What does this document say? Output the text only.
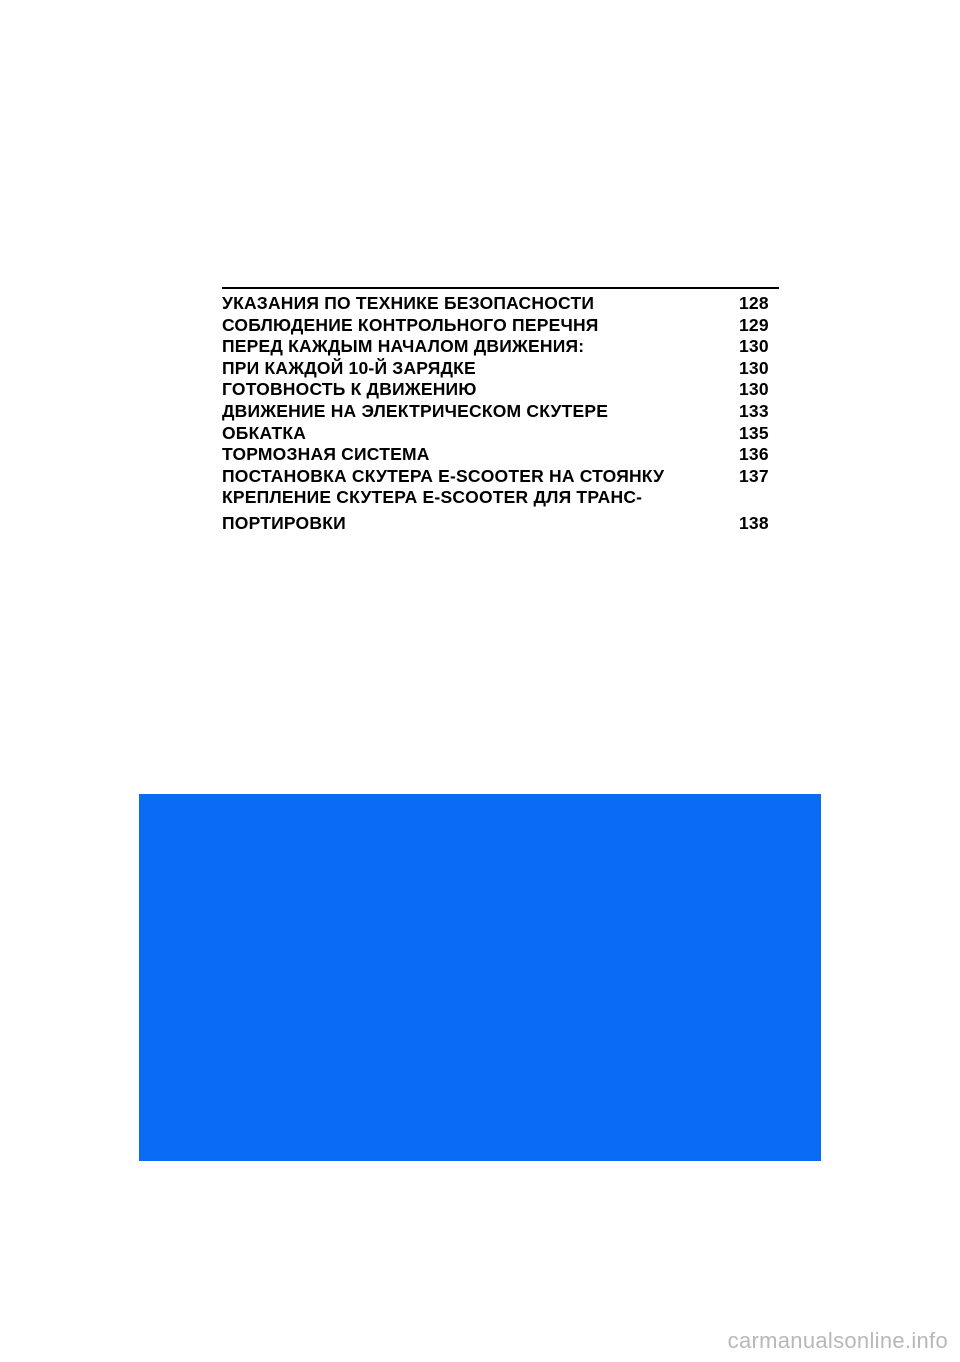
УКАЗАНИЯ ПО ТЕХНИКЕ БЕЗОПАСНОСТИ	128
СОБЛЮДЕНИЕ КОНТРОЛЬНОГО ПЕРЕЧНЯ	129
ПЕРЕД КАЖДЫМ НАЧАЛОМ ДВИЖЕНИЯ:	130
ПРИ КАЖДОЙ 10-Й ЗАРЯДКЕ	130
ГОТОВНОСТЬ К ДВИЖЕНИЮ	130
ДВИЖЕНИЕ НА ЭЛЕКТРИЧЕСКОМ СКУТЕРЕ	133
ОБКАТКА	135
ТОРМОЗНАЯ СИСТЕМА	136
ПОСТАНОВКА СКУТЕРА E-SCOOTER НА СТОЯНКУ	137
КРЕПЛЕНИЕ СКУТЕРА E-SCOOTER ДЛЯ ТРАНС-
ПОРТИРОВКИ	138
carmanualsonline.info
